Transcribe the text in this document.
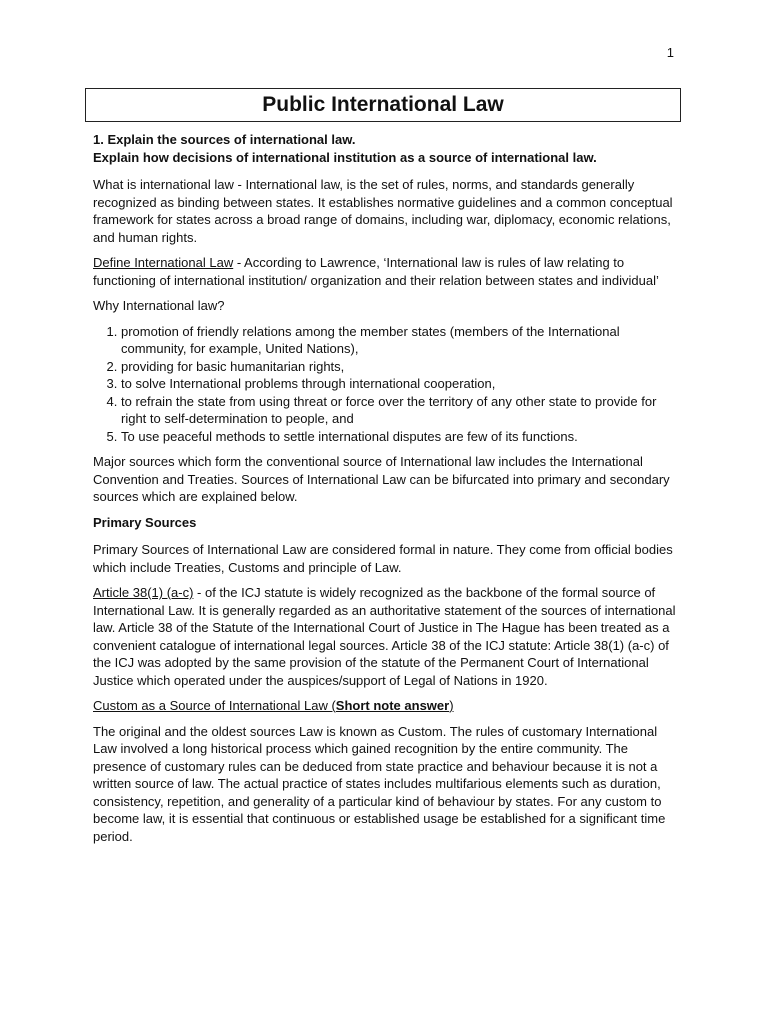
1
Public International Law

1. Explain the sources of international law.

Explain how decisions of international institution as a source of international law.

What is international law - International law, is the set of rules, norms, and standards generally recognized as binding between states. It establishes normative guidelines and a common conceptual framework for states across a broad range of domains, including war, diplomacy, economic relations, and human rights.

Define International Law - According to Lawrence, ‘International law is rules of law relating to functioning of international institution/ organization and their relation between states and individual’

Why International law?

1. promotion of friendly relations among the member states (members of the International community, for example, United Nations),
2. providing for basic humanitarian rights,
3. to solve International problems through international cooperation,
4. to refrain the state from using threat or force over the territory of any other state to provide for right to self-determination to people, and
5. To use peaceful methods to settle international disputes are few of its functions.

Major sources which form the conventional source of International law includes the International Convention and Treaties. Sources of International Law can be bifurcated into primary and secondary sources which are explained below.

Primary Sources

Primary Sources of International Law are considered formal in nature. They come from official bodies which include Treaties, Customs and principle of Law.

Article 38(1) (a-c) - of the ICJ statute is widely recognized as the backbone of the formal source of International Law. It is generally regarded as an authoritative statement of the sources of international law. Article 38 of the Statute of the International Court of Justice in The Hague has been treated as a convenient catalogue of international legal sources. Article 38 of the ICJ statute: Article 38(1) (a-c) of the ICJ was adopted by the same provision of the statute of the Permanent Court of International Justice which operated under the auspices/support of Legal of Nations in 1920.

Custom as a Source of International Law (Short note answer)

The original and the oldest sources Law is known as Custom. The rules of customary International Law involved a long historical process which gained recognition by the entire community. The presence of customary rules can be deduced from state practice and behaviour because it is not a written source of law. The actual practice of states includes multifarious elements such as duration, consistency, repetition, and generality of a particular kind of behaviour by states. For any custom to become law, it is essential that continuous or established usage be established for a significant time period.
